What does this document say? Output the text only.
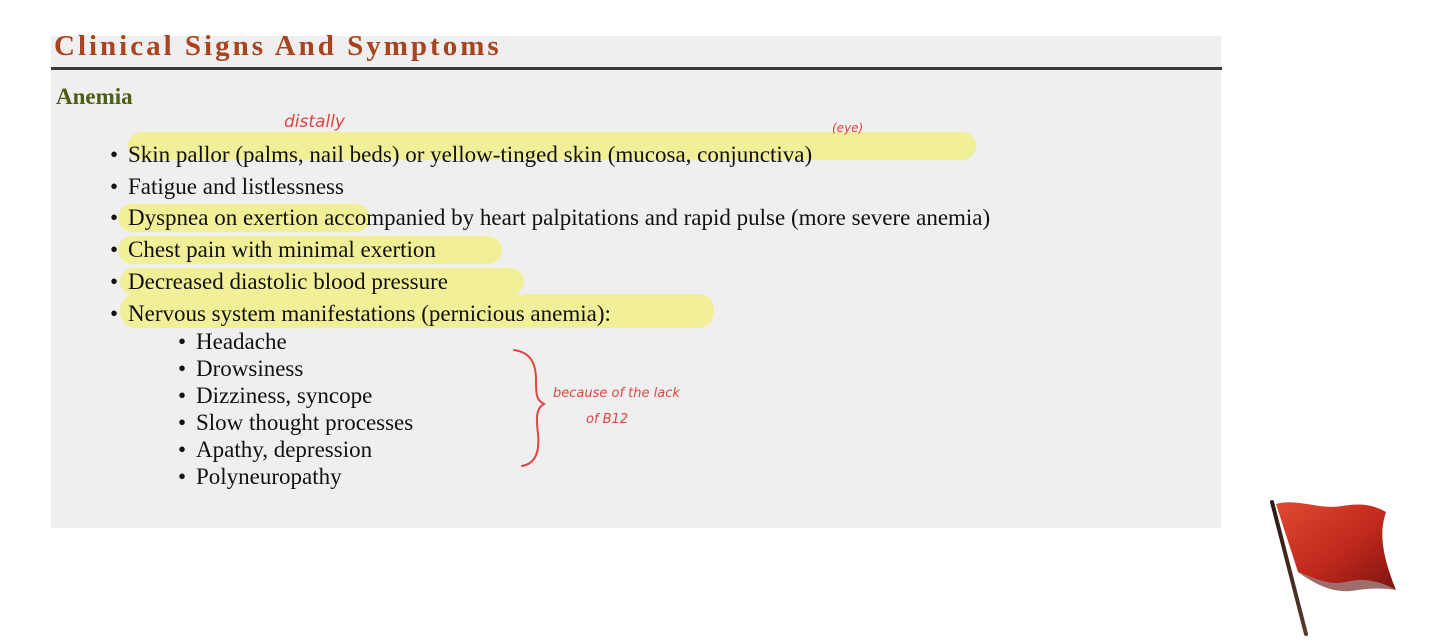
Clinical Signs And Symptoms
Anemia
• Skin pallor (palms, nail beds) or yellow-tinged skin (mucosa, conjunctiva)
• Fatigue and listlessness
• Dyspnea on exertion accompanied by heart palpitations and rapid pulse (more severe anemia)
• Chest pain with minimal exertion
• Decreased diastolic blood pressure
• Nervous system manifestations (pernicious anemia):
• Headache
• Drowsiness
• Dizziness, syncope
• Slow thought processes
• Apathy, depression
• Polyneuropathy
distally	(eye)
because of the lack
of B12
